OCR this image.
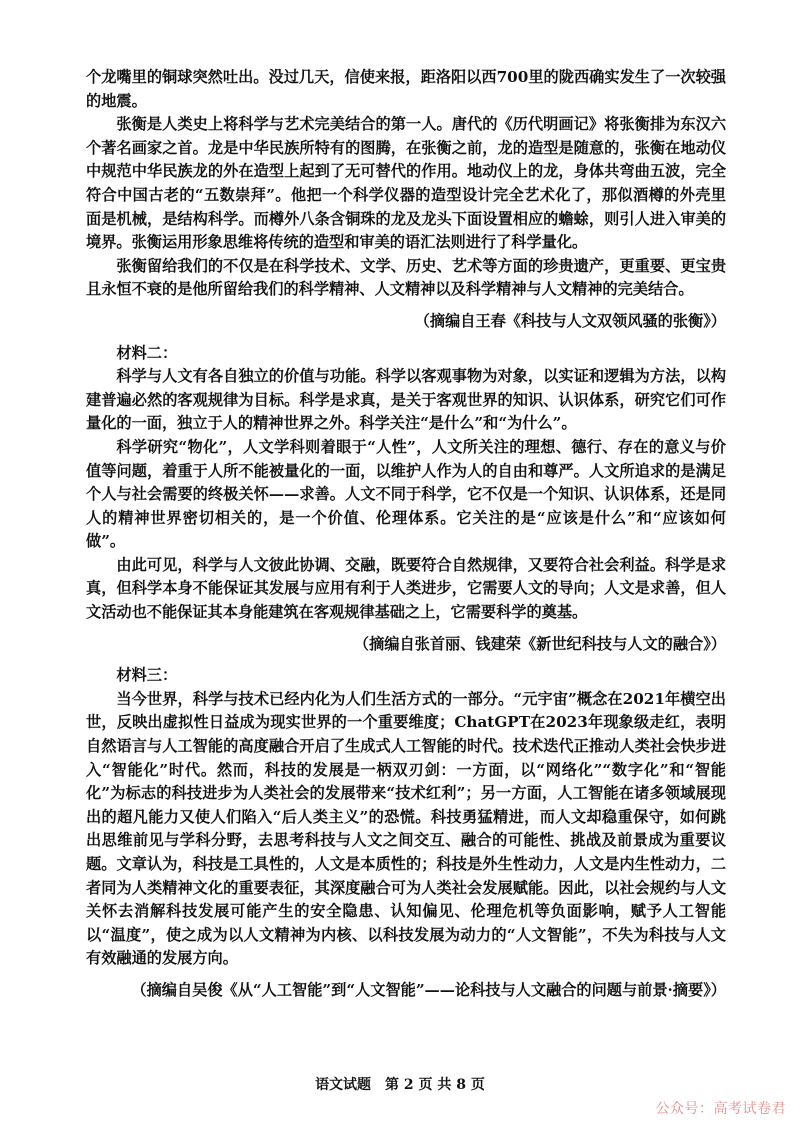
个龙嘴里的铜球突然吐出。没过几天，信使来报，距洛阳以西700里的陇西确实发生了一次较强的地震。

张衡是人类史上将科学与艺术完美结合的第一人。唐代的《历代明画记》将张衡排为东汉六个著名画家之首。龙是中华民族所特有的图腾，在张衡之前，龙的造型是随意的，张衡在地动仪中规范中华民族龙的外在造型上起到了无可替代的作用。地动仪上的龙，身体共弯曲五波，完全符合中国古老的“五数崇拜”。他把一个科学仪器的造型设计完全艺术化了，那似酒樽的外壳里面是机械，是结构科学。而樽外八条含铜珠的龙及龙头下面设置相应的蟾蜍，则引人进入审美的境界。张衡运用形象思维将传统的造型和审美的语汇法则进行了科学量化。

张衡留给我们的不仅是在科学技术、文学、历史、艺术等方面的珍贵遗产，更重要、更宝贵且永恒不衰的是他所留给我们的科学精神、人文精神以及科学精神与人文精神的完美结合。

（摘编自王春《科技与人文双领风骚的张衡》）

材料二：

科学与人文有各自独立的价值与功能。科学以客观事物为对象，以实证和逻辑为方法，以构建普遍必然的客观规律为目标。科学是求真，是关于客观世界的知识、认识体系，研究它们可作量化的一面，独立于人的精神世界之外。科学关注“是什么”和“为什么”。

科学研究“物化”，人文学科则着眼于“人性”，人文所关注的理想、德行、存在的意义与价值等问题，着重于人所不能被量化的一面，以维护人作为人的自由和尊严。人文所追求的是满足个人与社会需要的终极关怀——求善。人文不同于科学，它不仅是一个知识、认识体系，还是同人的精神世界密切相关的，是一个价值、伦理体系。它关注的是“应该是什么”和“应该如何做”。

由此可见，科学与人文彼此协调、交融，既要符合自然规律，又要符合社会利益。科学是求真，但科学本身不能保证其发展与应用有利于人类进步，它需要人文的导向；人文是求善，但人文活动也不能保证其本身能建筑在客观规律基础之上，它需要科学的奠基。

（摘编自张首丽、钱建荣《新世纪科技与人文的融合》）

材料三：

当今世界，科学与技术已经内化为人们生活方式的一部分。“元宇宙”概念在2021年横空出世，反映出虚拟性日益成为现实世界的一个重要维度；ChatGPT在2023年现象级走红，表明自然语言与人工智能的高度融合开启了生成式人工智能的时代。技术迭代正推动人类社会快步进入“智能化”时代。然而，科技的发展是一柄双刃剑：一方面，以“网络化”“数字化”和“智能化”为标志的科技进步为人类社会的发展带来“技术红利”；另一方面，人工智能在诸多领域展现出的超凡能力又使人们陷入“后人类主义”的恐慌。科技勇猛精进，而人文却稳重保守，如何跳出思维前见与学科分野，去思考科技与人文之间交互、融合的可能性、挑战及前景成为重要议题。文章认为，科技是工具性的，人文是本质性的；科技是外生性动力，人文是内生性动力，二者同为人类精神文化的重要表征，其深度融合可为人类社会发展赋能。因此，以社会规约与人文关怀去消解科技发展可能产生的安全隐患、认知偏见、伦理危机等负面影响，赋予人工智能以“温度”，使之成为以人文精神为内核、以科技发展为动力的“人文智能”，不失为科技与人文有效融通的发展方向。

（摘编自吴俊《从“人工智能”到“人文智能”——论科技与人文融合的问题与前景·摘要》）

语文试题　第 2 页 共 8 页
公众号：高考试卷君
